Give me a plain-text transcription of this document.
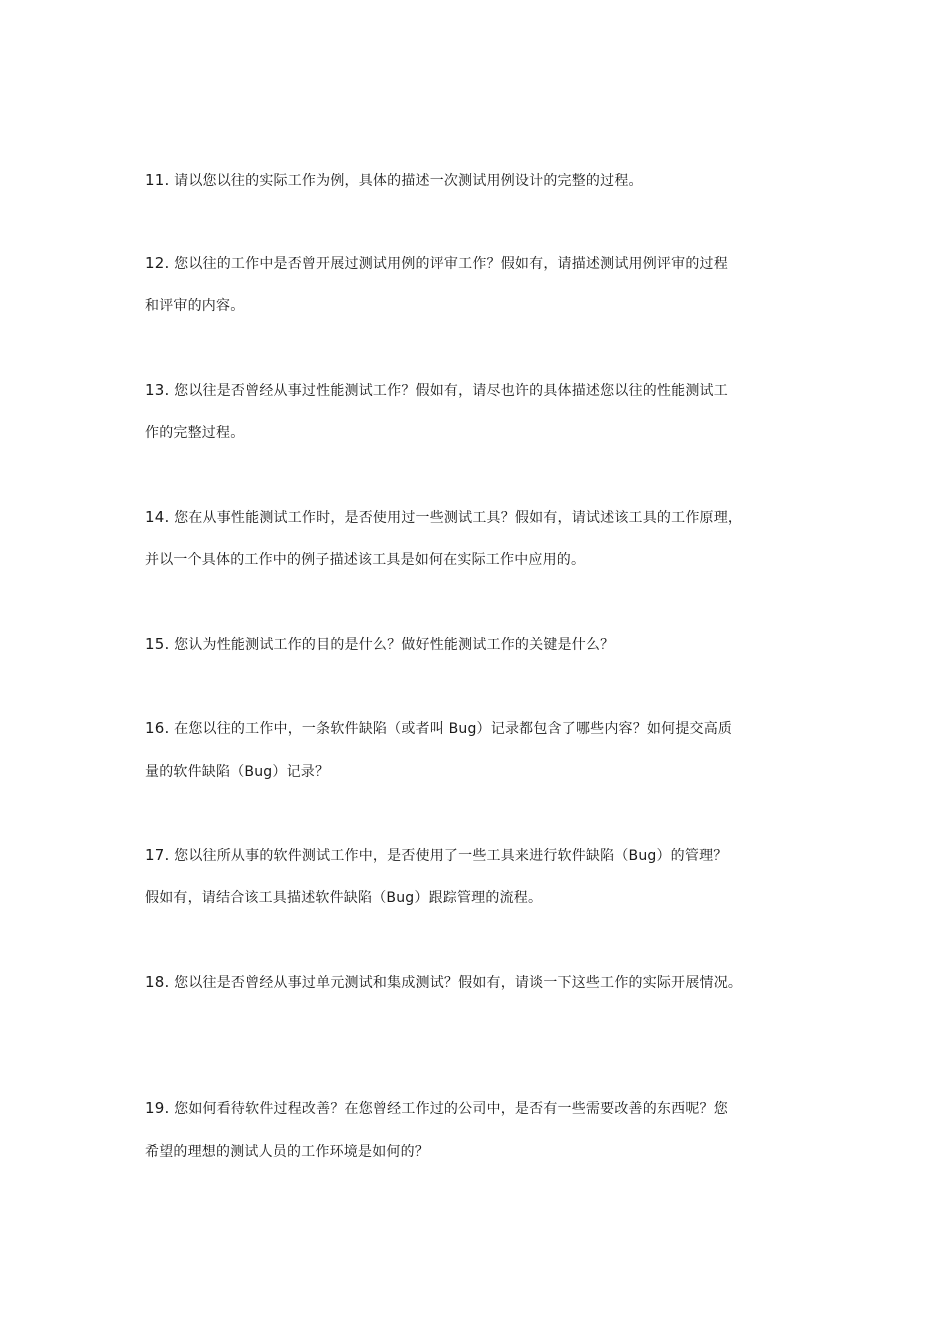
11. 请以您以往的实际工作为例，具体的描述一次测试用例设计的完整的过程。
12. 您以往的工作中是否曾开展过测试用例的评审工作？假如有，请描述测试用例评审的过程
和评审的内容。
13. 您以往是否曾经从事过性能测试工作？假如有，请尽也许的具体描述您以往的性能测试工
作的完整过程。
14. 您在从事性能测试工作时，是否使用过一些测试工具？假如有，请试述该工具的工作原理，
并以一个具体的工作中的例子描述该工具是如何在实际工作中应用的。
15. 您认为性能测试工作的目的是什么？做好性能测试工作的关键是什么？
16. 在您以往的工作中，一条软件缺陷（或者叫 Bug）记录都包含了哪些内容？如何提交高质
量的软件缺陷（Bug）记录？
17. 您以往所从事的软件测试工作中，是否使用了一些工具来进行软件缺陷（Bug）的管理？
假如有，请结合该工具描述软件缺陷（Bug）跟踪管理的流程。
18. 您以往是否曾经从事过单元测试和集成测试？假如有，请谈一下这些工作的实际开展情况。
19. 您如何看待软件过程改善？在您曾经工作过的公司中，是否有一些需要改善的东西呢？您
希望的理想的测试人员的工作环境是如何的？
